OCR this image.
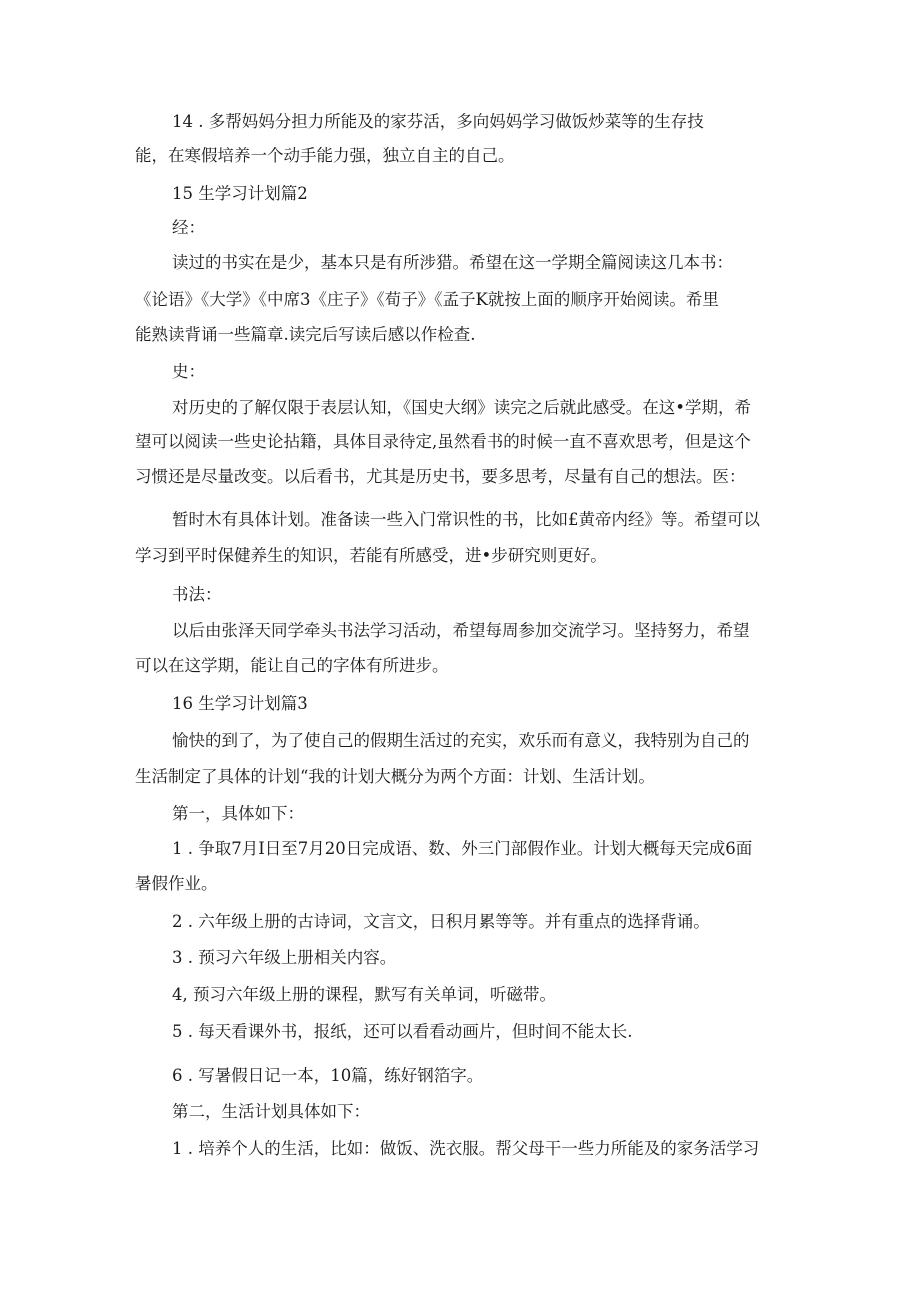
14 . 多帮妈妈分担力所能及的家芬活，多向妈妈学习做饭炒菜等的生存技
能，在寒假培养一个动手能力强，独立自主的自己。
15 生学习计划篇2
经：
读过的书实在是少，基本只是有所涉猎。希望在这一学期全篇阅读这几本书：
《论语》《大学》《中席3《庄子》《荀子》《孟子K就按上面的顺序开始阅读。希里
能熟读背诵一些篇章.读完后写读后感以作检查.
史：
对历史的了解仅限于表层认知，《国史大纲》读完之后就此感受。在这•学期，希
望可以阅读一些史论拈籍，具体目录待定,虽然看书的时候一直不喜欢思考，但是这个
习惯还是尽量改变。以后看书，尤其是历史书，要多思考，尽量有自己的想法。医：
暂时木有具体计划。准备读一些入门常识性的书，比如£黄帝内经》等。希望可以
学习到平时保健养生的知识，若能有所感受，进•步研究则更好。
书法：
以后由张泽天同学牵头书法学习活动，希望每周参加交流学习。坚持努力，希望
可以在这学期，能让自己的字体有所进步。
16 生学习计划篇3
愉快的到了，为了使自己的假期生活过的充实，欢乐而有意义，我特别为自己的
生活制定了具体的计划“我的计划大概分为两个方面：计划、生活计划。
第一，具体如下：
1 . 争取7月I日至7月20日完成语、数、外三门部假作业。计划大概每天完成6面
暑假作业。
2 . 六年级上册的古诗词，文言文，日积月累等等。并有重点的选择背诵。
3 . 预习六年级上册相关内容。
4, 预习六年级上册的课程，默写有关单词，听磁带。
5 . 每天看课外书，报纸，还可以看看动画片，但时间不能太长.
6 . 写暑假日记一本，10篇，练好钢箔字。
第二，生活计划具体如下：
1 . 培养个人的生活，比如：做饭、洗衣服。帮父母干一些力所能及的家务活学习
